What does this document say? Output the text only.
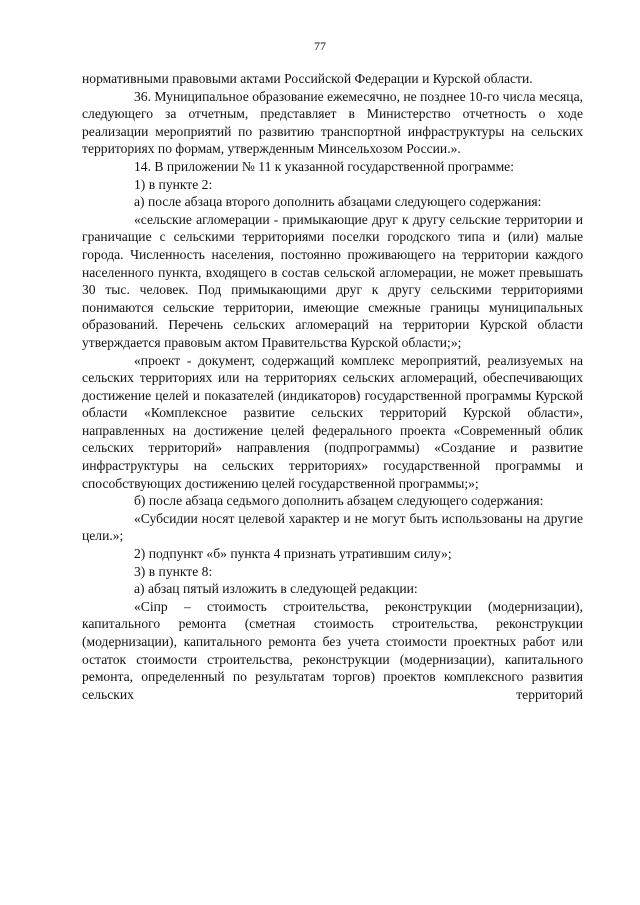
77

нормативными правовыми актами Российской Федерации и Курской области.

36. Муниципальное образование ежемесячно, не позднее 10-го числа месяца, следующего за отчетным, представляет в Министерство отчетность о ходе реализации мероприятий по развитию транспортной инфраструктуры на сельских территориях по формам, утвержденным Минсельхозом России.».

14. В приложении № 11 к указанной государственной программе:

1) в пункте 2:

а) после абзаца второго дополнить абзацами следующего содержания:

«сельские агломерации - примыкающие друг к другу сельские территории и граничащие с сельскими территориями поселки городского типа и (или) малые города. Численность населения, постоянно проживающего на территории каждого населенного пункта, входящего в состав сельской агломерации, не может превышать 30 тыс. человек. Под примыкающими друг к другу сельскими территориями понимаются сельские территории, имеющие смежные границы муниципальных образований. Перечень сельских агломераций на территории Курской области утверждается правовым актом Правительства Курской области;»;

«проект - документ, содержащий комплекс мероприятий, реализуемых на сельских территориях или на территориях сельских агломераций, обеспечивающих достижение целей и показателей (индикаторов) государственной программы Курской области «Комплексное развитие сельских территорий Курской области», направленных на достижение целей федерального проекта «Современный облик сельских территорий» направления (подпрограммы) «Создание и развитие инфраструктуры на сельских территориях» государственной программы и способствующих достижению целей государственной программы;»;

б) после абзаца седьмого дополнить абзацем следующего содержания:

«Субсидии носят целевой характер и не могут быть использованы на другие цели.»;

2) подпункт «б» пункта 4 признать утратившим силу»;

3) в пункте 8:

а) абзац пятый изложить в следующей редакции:

«Сiпр – стоимость строительства, реконструкции (модернизации), капитального ремонта (сметная стоимость строительства, реконструкции (модернизации), капитального ремонта без учета стоимости проектных работ или остаток стоимости строительства, реконструкции (модернизации), капитального ремонта, определенный по результатам торгов) проектов комплексного развития сельских территорий
